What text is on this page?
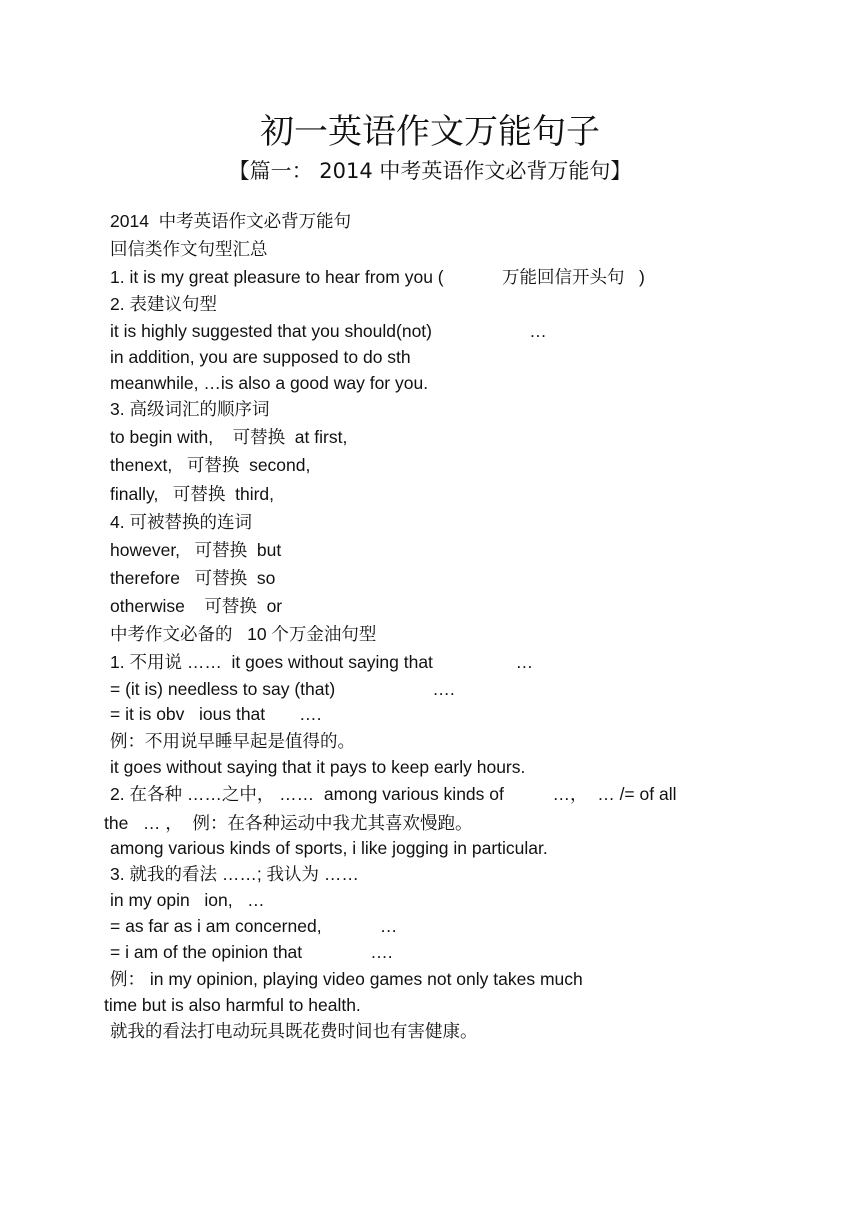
初一英语作文万能句子
【篇一： 2014 中考英语作文必背万能句】
2014  中考英语作文必背万能句
回信类作文句型汇总
1. it is my great pleasure to hear from you (            万能回信开头句   )
2. 表建议句型
it is highly suggested that you should(not)                    …
in addition, you are supposed to do sth
meanwhile, …is also a good way for you.
3. 高级词汇的顺序词
to begin with,    可替换  at first,
thenext,   可替换  second,
finally,   可替换  third,
4. 可被替换的连词
however,   可替换  but
therefore   可替换  so
otherwise    可替换  or
中考作文必备的   10 个万金油句型
1. 不用说 ……  it goes without saying that                 …
= (it is) needless to say (that)                    ….
= it is obv   ious that       ….
例：不用说早睡早起是值得的。
it goes without saying that it pays to keep early hours.
2. 在各种 ……之中， ……  among various kinds of          …，  … /= of all
the   … ，  例：在各种运动中我尤其喜欢慢跑。
among various kinds of sports, i like jogging in particular.
3. 就我的看法 ……; 我认为 ……
in my opin   ion,   …
= as far as i am concerned,            …
= i am of the opinion that              ….
例： in my opinion, playing video games not only takes much
time but is also harmful to health.
就我的看法打电动玩具既花费时间也有害健康。
